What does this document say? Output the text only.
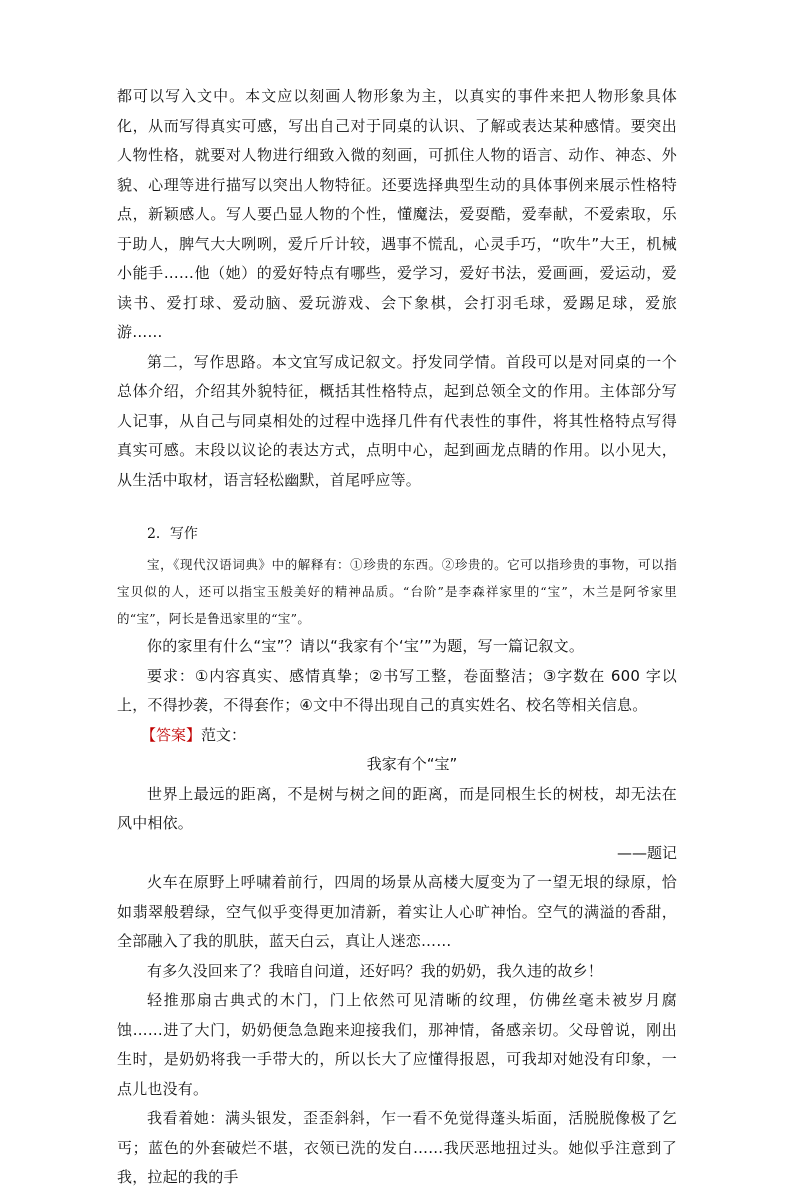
都可以写入文中。本文应以刻画人物形象为主，以真实的事件来把人物形象具体化，从而写得真实可感，写出自己对于同桌的认识、了解或表达某种感情。要突出人物性格，就要对人物进行细致入微的刻画，可抓住人物的语言、动作、神态、外貌、心理等进行描写以突出人物特征。还要选择典型生动的具体事例来展示性格特点，新颖感人。写人要凸显人物的个性，懂魔法，爱耍酷，爱奉献，不爱索取，乐于助人，脾气大大咧咧，爱斤斤计较，遇事不慌乱，心灵手巧，“吹牛”大王，机械小能手……他（她）的爱好特点有哪些，爱学习，爱好书法，爱画画，爱运动，爱读书、爱打球、爱动脑、爱玩游戏、会下象棋，会打羽毛球，爱踢足球，爱旅游……

第二，写作思路。本文宜写成记叙文。抒发同学情。首段可以是对同桌的一个总体介绍，介绍其外貌特征，概括其性格特点，起到总领全文的作用。主体部分写人记事，从自己与同桌相处的过程中选择几件有代表性的事件，将其性格特点写得真实可感。末段以议论的表达方式，点明中心，起到画龙点睛的作用。以小见大，从生活中取材，语言轻松幽默，首尾呼应等。

2．写作

宝，《现代汉语词典》中的解释有：①珍贵的东西。②珍贵的。它可以指珍贵的事物，可以指宝贝似的人，还可以指宝玉般美好的精神品质。“台阶”是李森祥家里的“宝”，木兰是阿爷家里的“宝”，阿长是鲁迅家里的“宝”。

你的家里有什么“宝”？请以“我家有个‘宝’”为题，写一篇记叙文。

要求：①内容真实、感情真挚；②书写工整，卷面整洁；③字数在 600 字以上，不得抄袭，不得套作；④文中不得出现自己的真实姓名、校名等相关信息。

【答案】范文：

我家有个“宝”

世界上最远的距离，不是树与树之间的距离，而是同根生长的树枝，却无法在风中相依。

——题记

火车在原野上呼啸着前行，四周的场景从高楼大厦变为了一望无垠的绿原，恰如翡翠般碧绿，空气似乎变得更加清新，着实让人心旷神怡。空气的满溢的香甜，全部融入了我的肌肤，蓝天白云，真让人迷恋……

有多久没回来了？我暗自问道，还好吗？我的奶奶，我久违的故乡！

轻推那扇古典式的木门，门上依然可见清晰的纹理，仿佛丝毫未被岁月腐蚀……进了大门，奶奶便急急跑来迎接我们，那神情，备感亲切。父母曾说，刚出生时，是奶奶将我一手带大的，所以长大了应懂得报恩，可我却对她没有印象，一点儿也没有。

我看着她：满头银发，歪歪斜斜，乍一看不免觉得蓬头垢面，活脱脱像极了乞丐；蓝色的外套破烂不堪，衣领已洗的发白……我厌恶地扭过头。她似乎注意到了我，拉起的我的手
